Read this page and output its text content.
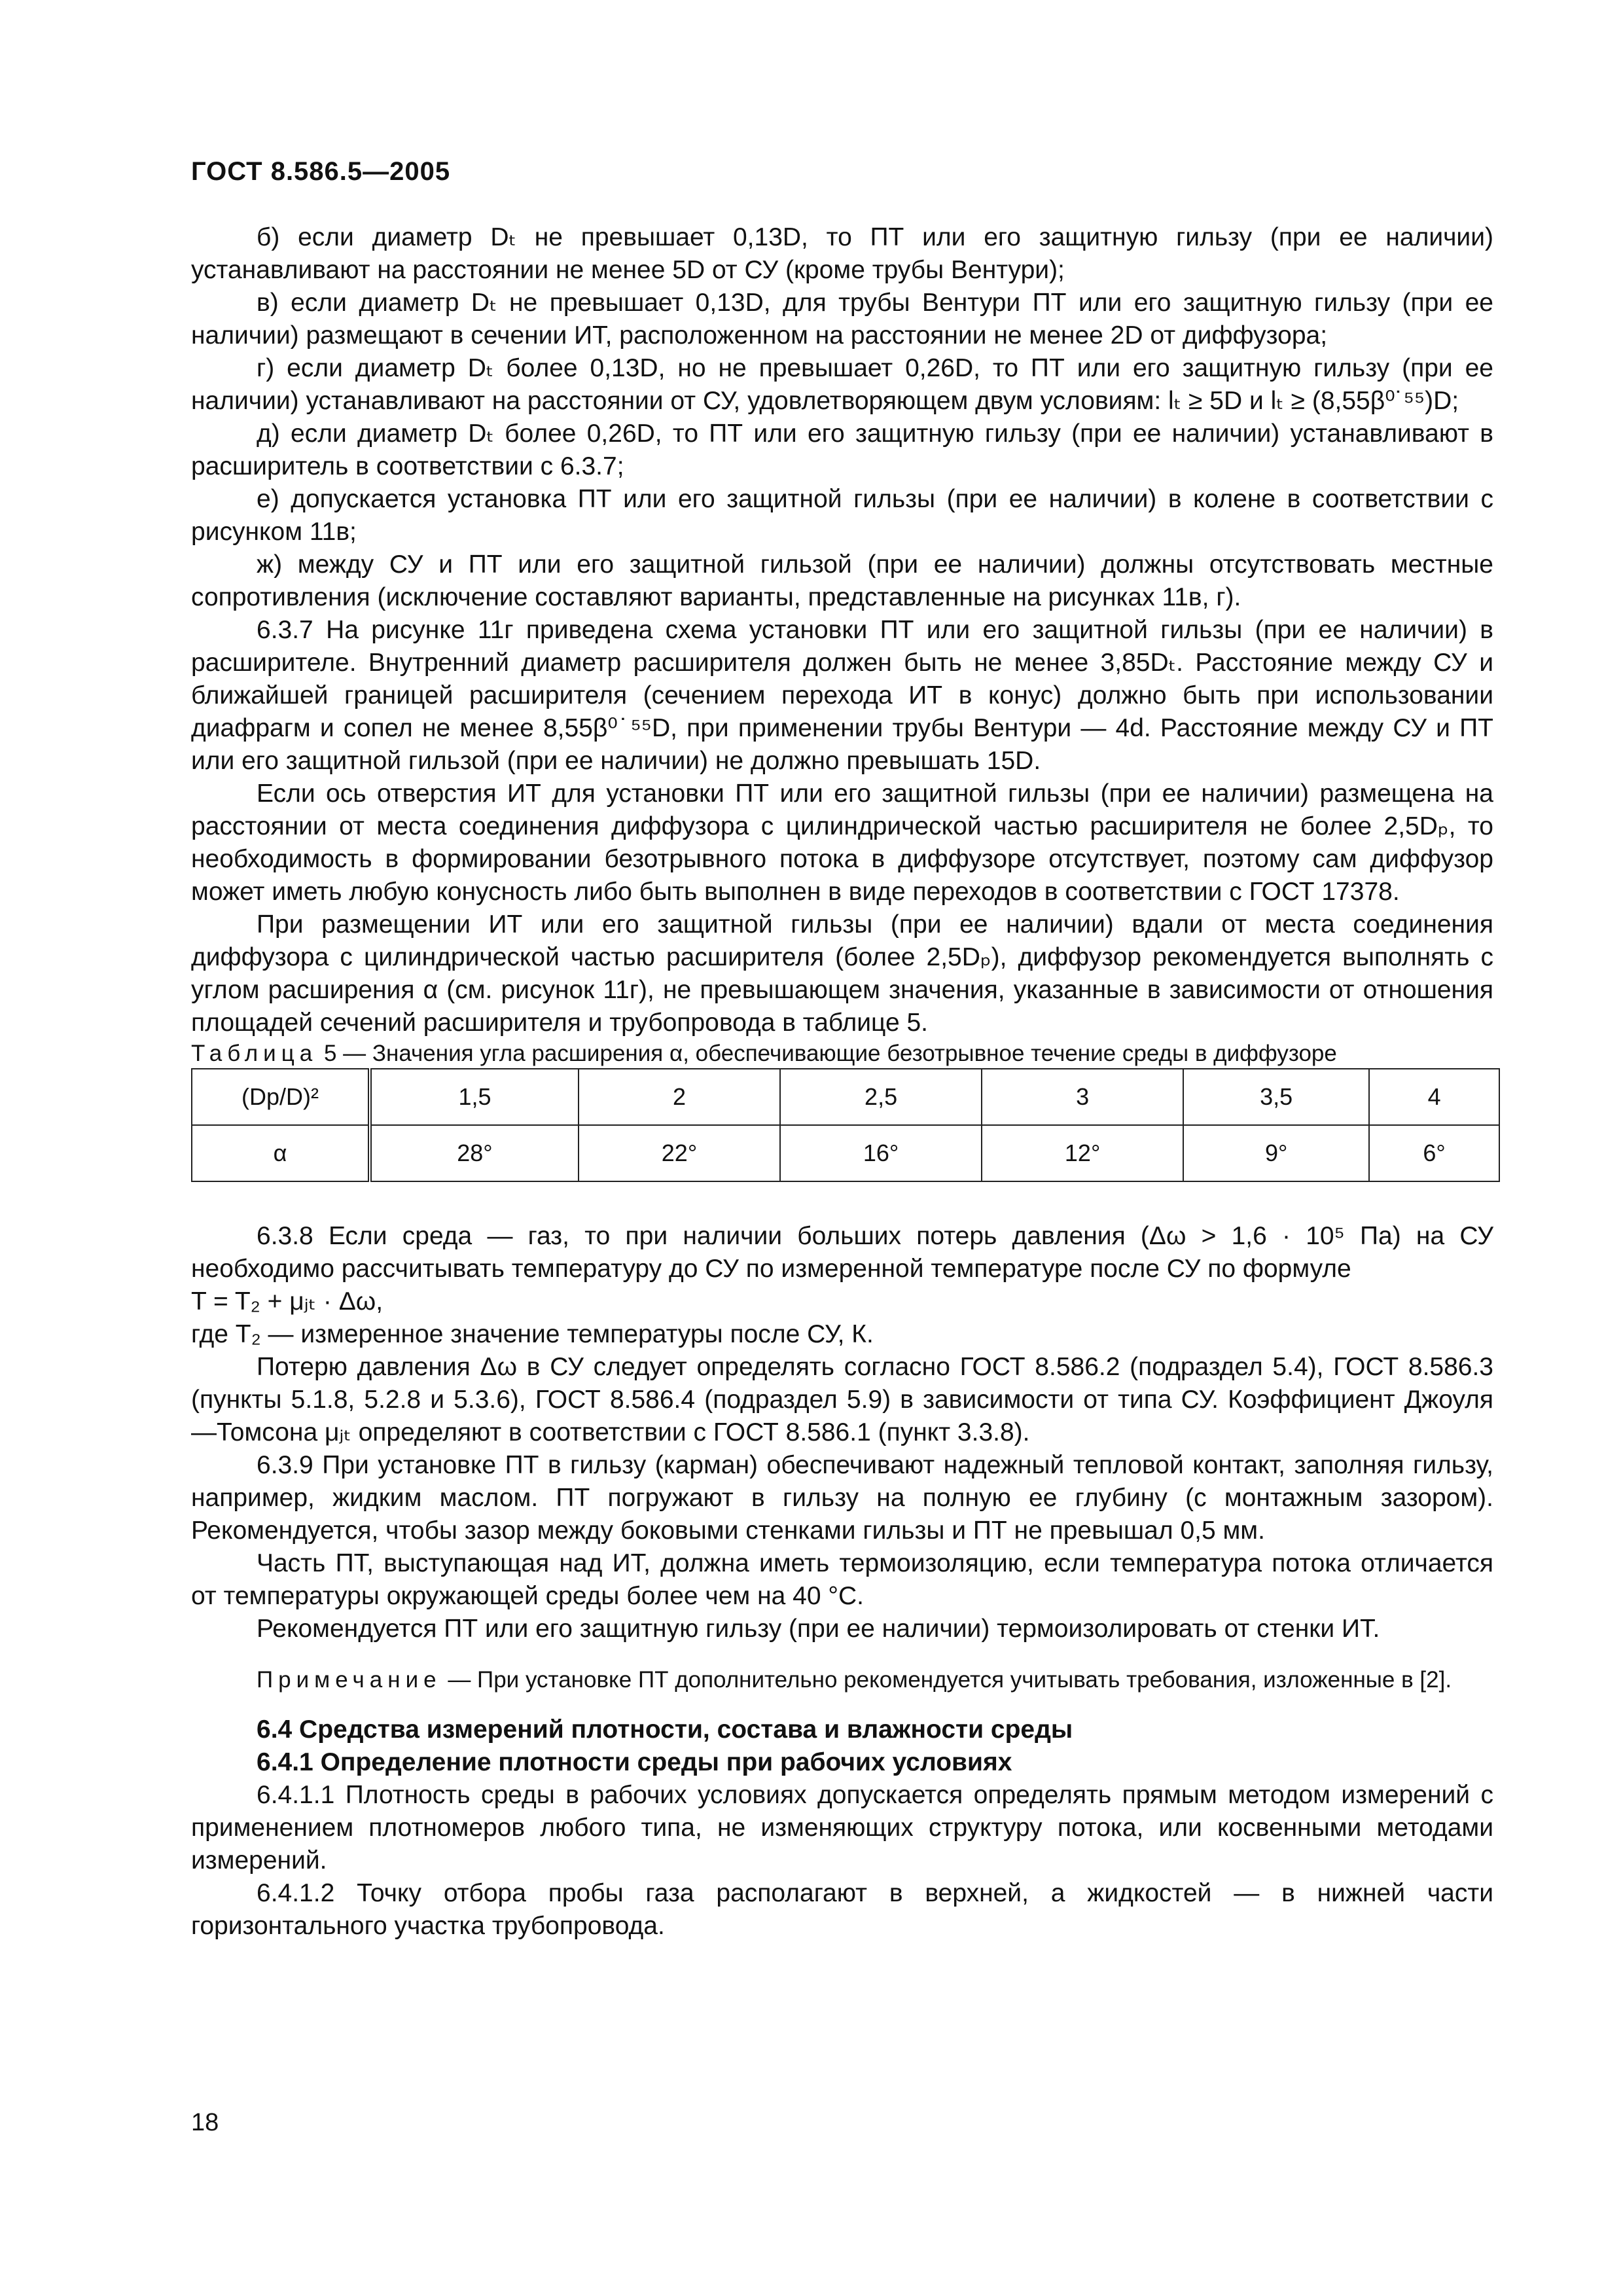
ГОСТ 8.586.5—2005

б) если диаметр Dₜ не превышает 0,13D, то ПТ или его защитную гильзу (при ее наличии) устанавливают на расстоянии не менее 5D от СУ (кроме трубы Вентури);

в) если диаметр Dₜ не превышает 0,13D, для трубы Вентури ПТ или его защитную гильзу (при ее наличии) размещают в сечении ИТ, расположенном на расстоянии не менее 2D от диффузора;

г) если диаметр Dₜ более 0,13D, но не превышает 0,26D, то ПТ или его защитную гильзу (при ее наличии) устанавливают на расстоянии от СУ, удовлетворяющем двум условиям: lₜ ≥ 5D и lₜ ≥ (8,55β⁰˙⁵⁵)D;

д) если диаметр Dₜ более 0,26D, то ПТ или его защитную гильзу (при ее наличии) устанавливают в расширитель в соответствии с 6.3.7;

е) допускается установка ПТ или его защитной гильзы (при ее наличии) в колене в соответствии с рисунком 11в;

ж) между СУ и ПТ или его защитной гильзой (при ее наличии) должны отсутствовать местные сопротивления (исключение составляют варианты, представленные на рисунках 11в, г).

6.3.7 На рисунке 11г приведена схема установки ПТ или его защитной гильзы (при ее наличии) в расширителе. Внутренний диаметр расширителя должен быть не менее 3,85Dₜ. Расстояние между СУ и ближайшей границей расширителя (сечением перехода ИТ в конус) должно быть при использовании диафрагм и сопел не менее 8,55β⁰˙⁵⁵D, при применении трубы Вентури — 4d. Расстояние между СУ и ПТ или его защитной гильзой (при ее наличии) не должно превышать 15D.

Если ось отверстия ИТ для установки ПТ или его защитной гильзы (при ее наличии) размещена на расстоянии от места соединения диффузора с цилиндрической частью расширителя не более 2,5Dₚ, то необходимость в формировании безотрывного потока в диффузоре отсутствует, поэтому сам диффузор может иметь любую конусность либо быть выполнен в виде переходов в соответствии с ГОСТ 17378.

При размещении ИТ или его защитной гильзы (при ее наличии) вдали от места соединения диффузора с цилиндрической частью расширителя (более 2,5Dₚ), диффузор рекомендуется выполнять с углом расширения α (см. рисунок 11г), не превышающем значения, указанные в зависимости от отношения площадей сечений расширителя и трубопровода в таблице 5.

Таблица 5 — Значения угла расширения α, обеспечивающие безотрывное течение среды в диффузоре

(Dp/D)²	1,5	2	2,5	3	3,5	4
α	28°	22°	16°	12°	9°	6°

6.3.8 Если среда — газ, то при наличии больших потерь давления (Δω > 1,6 · 10⁵ Па) на СУ необходимо рассчитывать температуру до СУ по измеренной температуре после СУ по формуле

T = T₂ + μⱼₜ · Δω,

где T₂ — измеренное значение температуры после СУ, К.

Потерю давления Δω в СУ следует определять согласно ГОСТ 8.586.2 (подраздел 5.4), ГОСТ 8.586.3 (пункты 5.1.8, 5.2.8 и 5.3.6), ГОСТ 8.586.4 (подраздел 5.9) в зависимости от типа СУ. Коэффициент Джоуля —Томсона μⱼₜ определяют в соответствии с ГОСТ 8.586.1 (пункт 3.3.8).

6.3.9 При установке ПТ в гильзу (карман) обеспечивают надежный тепловой контакт, заполняя гильзу, например, жидким маслом. ПТ погружают в гильзу на полную ее глубину (с монтажным зазором). Рекомендуется, чтобы зазор между боковыми стенками гильзы и ПТ не превышал 0,5 мм.

Часть ПТ, выступающая над ИТ, должна иметь термоизоляцию, если температура потока отличается от температуры окружающей среды более чем на 40 °С.

Рекомендуется ПТ или его защитную гильзу (при ее наличии) термоизолировать от стенки ИТ.

Примечание — При установке ПТ дополнительно рекомендуется учитывать требования, изложенные в [2].

6.4 Средства измерений плотности, состава и влажности среды

6.4.1 Определение плотности среды при рабочих условиях

6.4.1.1 Плотность среды в рабочих условиях допускается определять прямым методом измерений с применением плотномеров любого типа, не изменяющих структуру потока, или косвенными методами измерений.

6.4.1.2 Точку отбора пробы газа располагают в верхней, а жидкостей — в нижней части горизонтального участка трубопровода.

18
